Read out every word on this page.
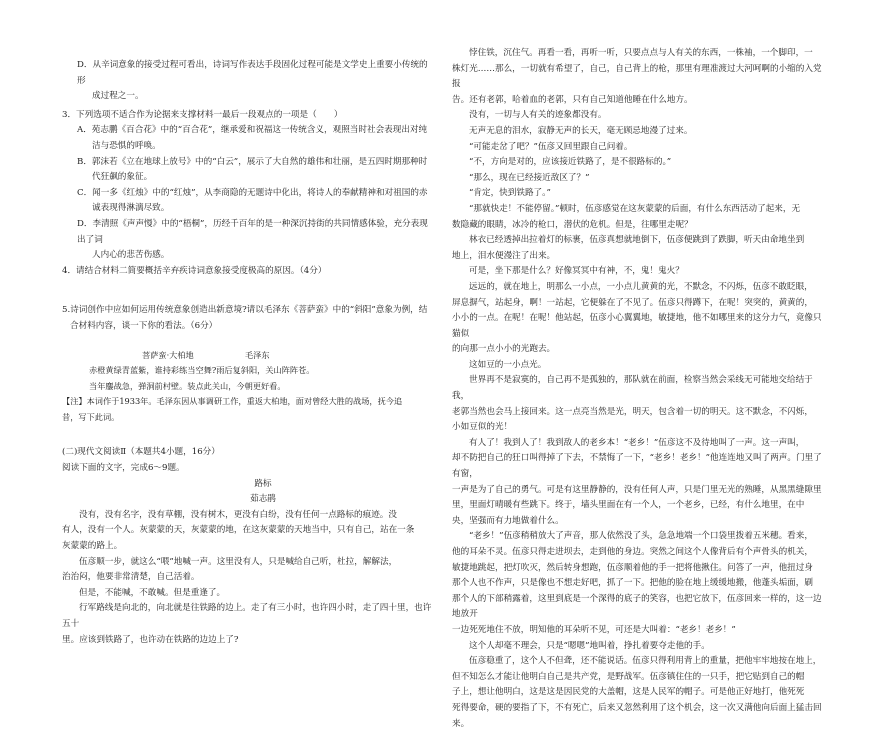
D．从辛词意象的接受过程可看出，诗词写作表达手段固化过程可能是文学史上重要小传统的形

成过程之一。

3．下列选项不适合作为论据来支撑材料一最后一段观点的一项是（　　）

A．苑志鹏《百合花》中的“百合花”，继承爱和祝福这一传统含义，观照当时社会表现出对纯

洁与恐惧的呼唤。

B．郭沫若《立在地球上放号》中的“白云”，展示了大自然的雄伟和壮丽，是五四时期那种时

代狂飙的象征。

C．闻一多《红烛》中的“红烛”，从李商隐的无题诗中化出，将诗人的奉献精神和对祖国的赤

诚表现得淋漓尽致。

D．李清照《声声慢》中的“梧桐”，历经千百年的是一种深沉持街的共同情感体验，充分表现出了词

人内心的悲苦伤感。

4．请结合材料二简要概括辛弃疾诗词意象接受度极高的原因。（4分）

5.诗词创作中应如何运用传统意象创造出新意境?请以毛泽东《菩萨蛮》中的“斜阳”意象为例，结

合材料内容，谈一下你的看法。（6分）

菩萨蛮·大柏地	毛泽东

赤橙黄绿青蓝紫，谁持彩练当空舞?雨后复斜阳，关山阵阵苍。

当年鏖战急，弹洞前村壁。装点此关山，今朝更好看。

【注】本词作于1933年。毛泽东因从事调研工作，重返大柏地，面对曾经大胜的战场，抚今追

昔，写下此词。

(二)现代文阅读Ⅱ（本题共4小题，16分）

阅读下面的文字，完成6～9题。

路标

茹志鹃

没有，没有名字，没有草棚，没有树木，更没有白纷，没有任何一点路标的痕迹。没

有人，没有一个人。灰蒙蒙的天，灰蒙蒙的地，在这灰蒙蒙的天地当中，只有自己，站在一条

灰蒙蒙的路上。

伍彦顺一步，就这么“喂”地喊一声。这里没有人，只是喊给自己听，杜拉，解解法，

治治闷，他要非常清楚，自己活着。

但是，不能喊，不敢喊。但是重逢了。

行军路线是向北的，向北就是往铁路的边上。走了有三小时，也许四小时，走了四十里，也许五十

里。应该到铁路了，也许动在铁路的边边上了?

悖住铁，沉住气。再看一看，再听一听，只要点点与人有关的东西，一株袖，一个脚印，一

株灯光……那么，一切就有希望了，自己，自己背上的枪，那里有理准渡过大河呵啊的小缩的入党报

告。还有老郭，哈着血的老郭，只有自己知道他睡在什么地方。

没有，一切与人有关的迹象都没有。

无声无息的泪水，寂静无声的长天，毫无顾忌地漫了过来。

“可能走岔了吧？”伍彦又回里跟自己问着。

“不，方向是对的，应该接近铁路了，是不很路标的。”

“那么，现在已经接近敌区了？”

“肯定，快到铁路了。”

“那就快走！不能停留。”顿时，伍彦感觉在这灰蒙蒙的后面，有什么东西活动了起来，无

数隐藏的眼睛，冰冷的枪口，潜伏的危机。但是，往哪里走呢？

林衣已经透掉出拉着灯的标裹，伍彦真想就地倒下，伍彦便跳到了跌脚，听天由命地坐到

地上，泪水便漫注了出来。

可是，坐下那是什么？好像冥冥中有神，不，鬼！鬼火？

远远的，就在地上，明那么一小点，一小点儿黄黄的光，不默念，不闪烁，伍彦不敢眨眼，

屏息摒气，站起身，啊！一站起，它便躲在了不见了。伍彦只得蹲下，在呢！突突的，黄黄的，

小小的一点。在呢！在呢！他站起，伍彦小心翼翼地，敏捷地，他不如哪里来的这分力气，竟像只猫似

的向那一点小小的光跑去。

这如豆的一小点光。

世界再不是寂寞的，自己再不是孤独的，那队就在前面，检察当然会采线无可能地交给结于我，

老郭当然也会马上接回来。这一点亮当然是光，明天，包含着一切的明天。这不默念，不闪烁，

小如豆似的光！

有人了！我到人了！我到敌人的老乡本！“老乡！”伍彦这不及待地叫了一声。这一声叫，

却不防把自己的狂口叫得掉了下去，不禁悔了一下，“老乡！老乡！”他连连地又叫了两声。门里了有窗，

一声是为了自己的勇气。可是有这里静静的，没有任何人声，只是门里无光的熟睡，从黑黑缝隙里

里，里面灯晴暖有些跳下。终于，墙头里面在有一个人，一个老乡，已经，有什么地里，在中

央，坚强而有力地做着什么。

“老乡！”伍彦稍稍放大了声音，那人依然没了头，急急地端一个口袋里拨着五米穗。看来，

他的耳朵不灵。伍彦只得走进坝去，走到他的身边。突然之间这个人像背后有个声骨头的机关，

敏捷地跳起，把灯吹灭，然后转身想跑，伍彦顺着他的手一把将他揪住。问答了一声，他扭过身

那个人也不作声，只是像也不想走好吧，抓了一下。把他的脸在地上缓缓地搬，他蓬头垢面，刷

那个人的下部稍露着，这里到底是一个深得的底子的笑容，也把它放下，伍彦回来一样的，这一边地放开

一边死死地住不放，明知他的耳朵听不见，可还是大叫着：“老乡！老乡！”

这个人却毫不理会，只是“嗯嗯”地叫着，挣扎着要夺走他的手。

伍彦稳重了，这个人不但聋，还不能说话。伍彦只得利用背上的重量，把他牢牢地按在地上，

但不知怎么才能让他明白自己是共产党，是野战军。伍彦镇住住的一只手，把它贴到自己的帽

子上，想让他明白，这是这是因民党的大盖帽，这是人民军的帽子。可是他正好地打，他死死

死得要命，硬的要指了下，不有死亡，后来又忽然利用了这个机会，这一次又满他向后面上猛击回来。
